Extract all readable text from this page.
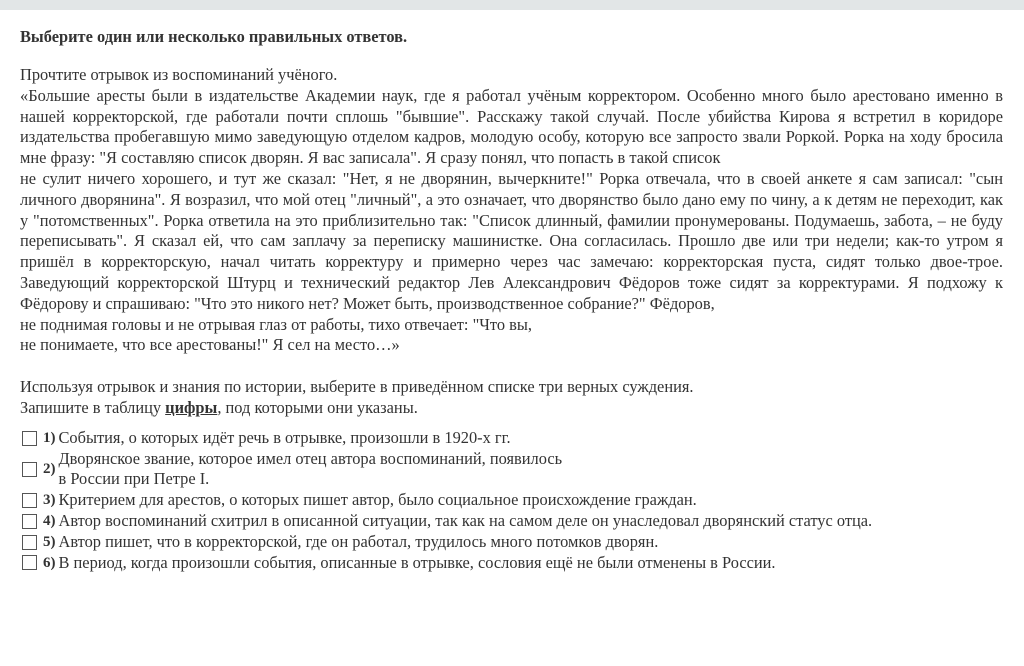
Выберите один или несколько правильных ответов.
Прочтите отрывок из воспоминаний учёного.

«Большие аресты были в издательстве Академии наук, где я работал учёным корректором. Особенно много было арестовано именно в нашей корректорской, где работали почти сплошь "бывшие". Расскажу такой случай. После убийства Кирова я встретил в коридоре издательства пробегавшую мимо заведующую отделом кадров, молодую особу, которую все запросто звали Роркой. Рорка на ходу бросила мне фразу: "Я составляю список дворян. Я вас записала". Я сразу понял, что попасть в такой список

не сулит ничего хорошего, и тут же сказал: "Нет, я не дворянин, вычеркните!" Рорка отвечала, что в своей анкете я сам записал: "сын личного дворянина". Я возразил, что мой отец "личный", а это означает, что дворянство было дано ему по чину, а к детям не переходит, как у "потомственных". Рорка ответила на это приблизительно так: "Список длинный, фамилии пронумерованы. Подумаешь, забота, – не буду переписывать". Я сказал ей, что сам заплачу за переписку машинистке. Она согласилась. Прошло две или три недели; как-то утром я пришёл в корректорскую, начал читать корректуру и примерно через час замечаю: корректорская пуста, сидят только двое-трое. Заведующий корректорской Штурц и технический редактор Лев Александрович Фёдоров тоже сидят за корректурами. Я подхожу к Фёдорову и спрашиваю: "Что это никого нет? Может быть, производственное собрание?" Фёдоров,

не поднимая головы и не отрывая глаз от работы, тихо отвечает: "Что вы,

не понимаете, что все арестованы!" Я сел на место…»

Используя отрывок и знания по истории, выберите в приведённом списке три верных суждения.
Запишите в таблицу цифры, под которыми они указаны.
1) События, о которых идёт речь в отрывке, произошли в 1920-х гг.
2)
Дворянское звание, которое имел отец автора воспоминаний, появилось
в России при Петре I.
3) Критерием для арестов, о которых пишет автор, было социальное происхождение граждан.
4) Автор воспоминаний схитрил в описанной ситуации, так как на самом деле он унаследовал дворянский статус отца.
5) Автор пишет, что в корректорской, где он работал, трудилось много потомков дворян.
6) В период, когда произошли события, описанные в отрывке, сословия ещё не были отменены в России.
